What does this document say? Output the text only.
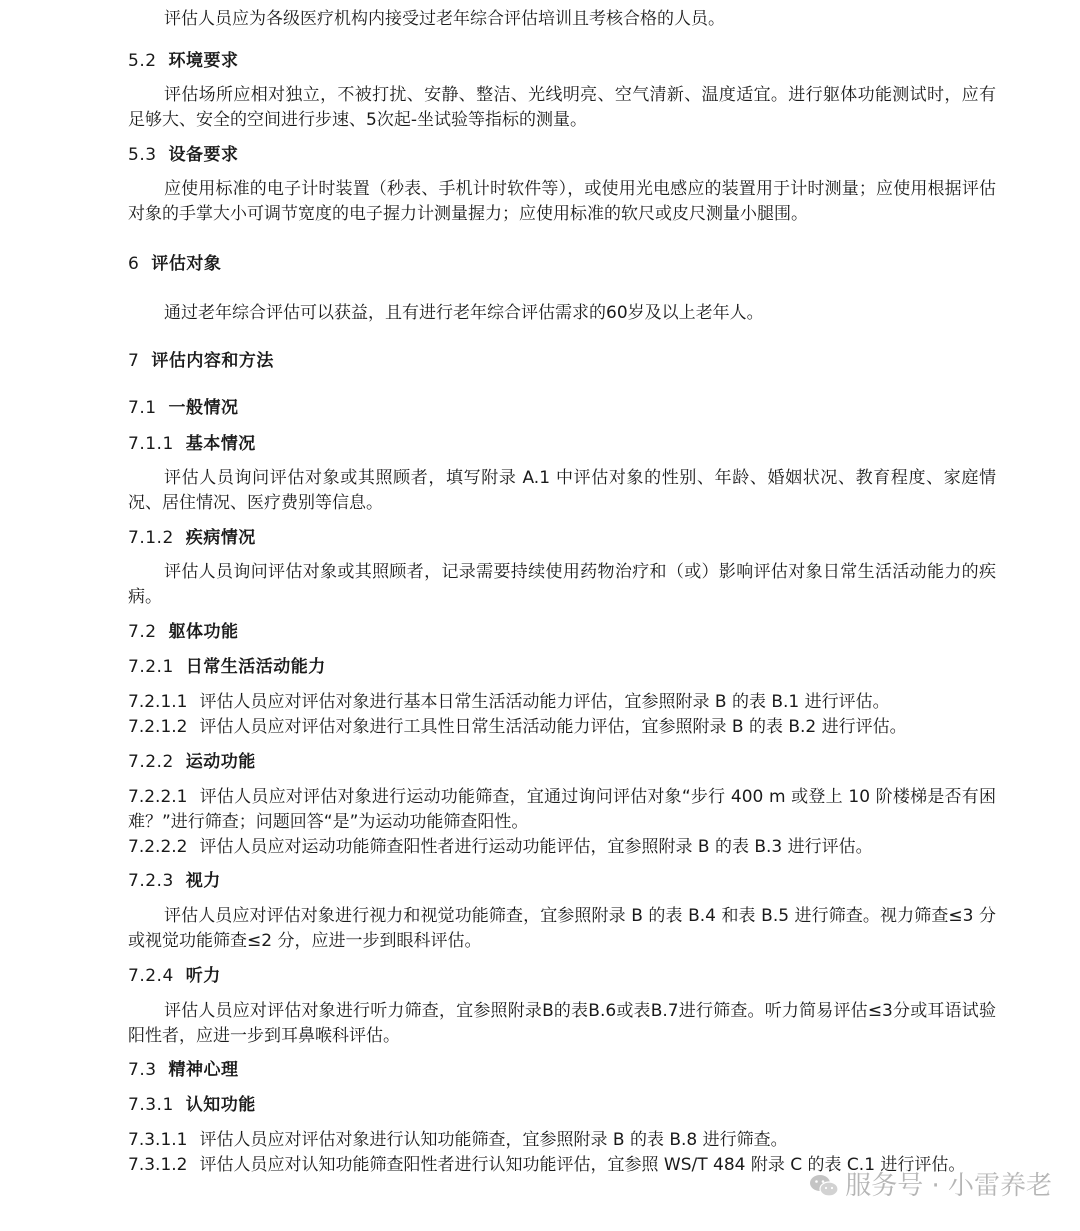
评估人员应为各级医疗机构内接受过老年综合评估培训且考核合格的人员。

5.2 环境要求

评估场所应相对独立，不被打扰、安静、整洁、光线明亮、空气清新、温度适宜。进行躯体功能测试时，应有足够大、安全的空间进行步速、5次起-坐试验等指标的测量。

5.3 设备要求

应使用标准的电子计时装置（秒表、手机计时软件等），或使用光电感应的装置用于计时测量；应使用根据评估对象的手掌大小可调节宽度的电子握力计测量握力；应使用标准的软尺或皮尺测量小腿围。

6 评估对象

通过老年综合评估可以获益，且有进行老年综合评估需求的60岁及以上老年人。

7 评估内容和方法
7.1 一般情况
7.1.1 基本情况

评估人员询问评估对象或其照顾者，填写附录 A.1 中评估对象的性别、年龄、婚姻状况、教育程度、家庭情况、居住情况、医疗费别等信息。

7.1.2 疾病情况

评估人员询问评估对象或其照顾者，记录需要持续使用药物治疗和（或）影响评估对象日常生活活动能力的疾病。

7.2 躯体功能
7.2.1 日常生活活动能力

7.2.1.1 评估人员应对评估对象进行基本日常生活活动能力评估，宜参照附录 B 的表 B.1 进行评估。

7.2.1.2 评估人员应对评估对象进行工具性日常生活活动能力评估，宜参照附录 B 的表 B.2 进行评估。

7.2.2 运动功能

7.2.2.1 评估人员应对评估对象进行运动功能筛查，宜通过询问评估对象“步行 400 m 或登上 10 阶楼梯是否有困难？”进行筛查；问题回答“是”为运动功能筛查阳性。

7.2.2.2 评估人员应对运动功能筛查阳性者进行运动功能评估，宜参照附录 B 的表 B.3 进行评估。

7.2.3 视力

评估人员应对评估对象进行视力和视觉功能筛查，宜参照附录 B 的表 B.4 和表 B.5 进行筛查。视力筛查≤3 分或视觉功能筛查≤2 分，应进一步到眼科评估。

7.2.4 听力

评估人员应对评估对象进行听力筛查，宜参照附录B的表B.6或表B.7进行筛查。听力简易评估≤3分或耳语试验阳性者，应进一步到耳鼻喉科评估。

7.3 精神心理
7.3.1 认知功能

7.3.1.1 评估人员应对评估对象进行认知功能筛查，宜参照附录 B 的表 B.8 进行筛查。

7.3.1.2 评估人员应对认知功能筛查阳性者进行认知功能评估，宜参照 WS/T 484 附录 C 的表 C.1 进行评估。

服务号 · 小雷养老
